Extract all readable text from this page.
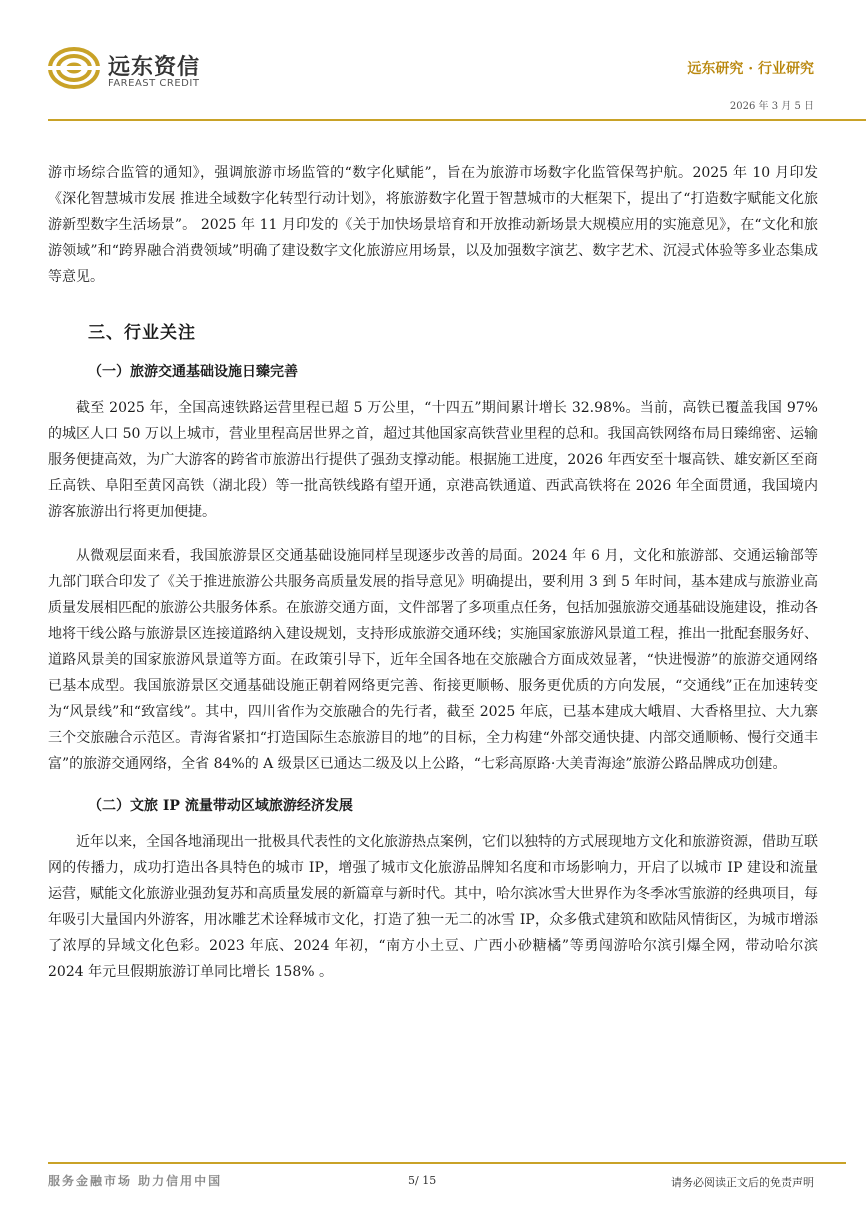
远东资信
FAREAST CREDIT
远东研究 · 行业研究
2026 年 3 月 5 日

游市场综合监管的通知》，强调旅游市场监管的“数字化赋能”，旨在为旅游市场数字化监管保驾护航。2025 年 10 月印发《深化智慧城市发展 推进全域数字化转型行动计划》，将旅游数字化置于智慧城市的大框架下，提出了“打造数字赋能文化旅游新型数字生活场景”。 2025 年 11 月印发的《关于加快场景培育和开放推动新场景大规模应用的实施意见》，在“文化和旅游领域”和“跨界融合消费领域”明确了建设数字文化旅游应用场景，以及加强数字演艺、数字艺术、沉浸式体验等多业态集成等意见。

三、行业关注
（一）旅游交通基础设施日臻完善

截至 2025 年，全国高速铁路运营里程已超 5 万公里，“十四五”期间累计增长 32.98%。当前，高铁已覆盖我国 97%的城区人口 50 万以上城市，营业里程高居世界之首，超过其他国家高铁营业里程的总和。我国高铁网络布局日臻绵密、运输服务便捷高效，为广大游客的跨省市旅游出行提供了强劲支撑动能。根据施工进度，2026 年西安至十堰高铁、雄安新区至商丘高铁、阜阳至黄冈高铁（湖北段）等一批高铁线路有望开通，京港高铁通道、西武高铁将在 2026 年全面贯通，我国境内游客旅游出行将更加便捷。

从微观层面来看，我国旅游景区交通基础设施同样呈现逐步改善的局面。2024 年 6 月，文化和旅游部、交通运输部等九部门联合印发了《关于推进旅游公共服务高质量发展的指导意见》明确提出，要利用 3 到 5 年时间，基本建成与旅游业高质量发展相匹配的旅游公共服务体系。在旅游交通方面，文件部署了多项重点任务，包括加强旅游交通基础设施建设，推动各地将干线公路与旅游景区连接道路纳入建设规划，支持形成旅游交通环线；实施国家旅游风景道工程，推出一批配套服务好、道路风景美的国家旅游风景道等方面。在政策引导下，近年全国各地在交旅融合方面成效显著，“快进慢游”的旅游交通网络已基本成型。我国旅游景区交通基础设施正朝着网络更完善、衔接更顺畅、服务更优质的方向发展，“交通线”正在加速转变为“风景线”和“致富线”。其中，四川省作为交旅融合的先行者，截至 2025 年底，已基本建成大峨眉、大香格里拉、大九寨三个交旅融合示范区。青海省紧扣“打造国际生态旅游目的地”的目标，全力构建“外部交通快捷、内部交通顺畅、慢行交通丰富”的旅游交通网络，全省 84%的 A 级景区已通达二级及以上公路，“七彩高原路·大美青海途”旅游公路品牌成功创建。

（二）文旅 IP 流量带动区域旅游经济发展

近年以来，全国各地涌现出一批极具代表性的文化旅游热点案例，它们以独特的方式展现地方文化和旅游资源，借助互联网的传播力，成功打造出各具特色的城市 IP，增强了城市文化旅游品牌知名度和市场影响力，开启了以城市 IP 建设和流量运营，赋能文化旅游业强劲复苏和高质量发展的新篇章与新时代。其中，哈尔滨冰雪大世界作为冬季冰雪旅游的经典项目，每年吸引大量国内外游客，用冰雕艺术诠释城市文化，打造了独一无二的冰雪 IP，众多俄式建筑和欧陆风情街区，为城市增添了浓厚的异域文化色彩。2023 年底、2024 年初，“南方小土豆、广西小砂糖橘”等勇闯游哈尔滨引爆全网，带动哈尔滨 2024 年元旦假期旅游订单同比增长 158% 。

服务金融市场 助力信用中国	5/ 15	请务必阅读正文后的免责声明
